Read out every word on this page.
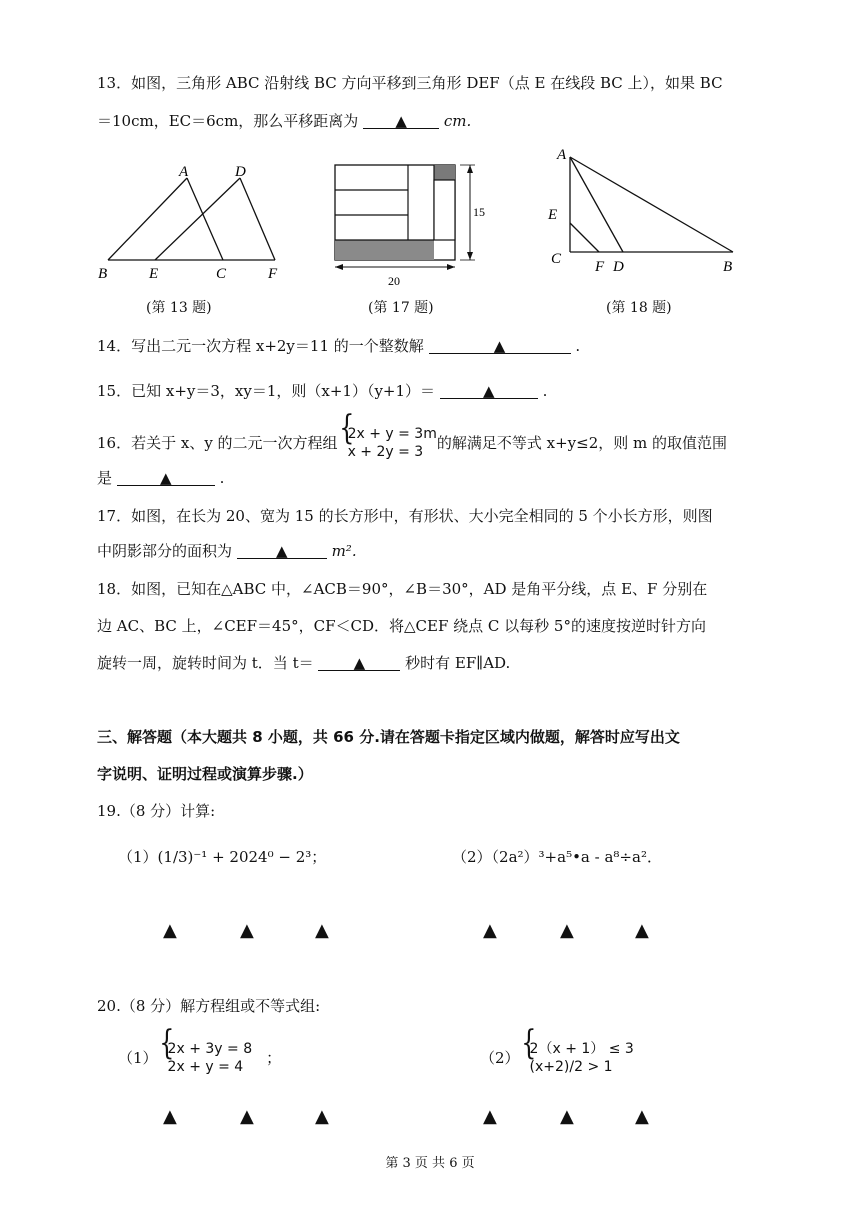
13．如图，三角形 ABC 沿射线 BC 方向平移到三角形 DEF（点 E 在线段 BC 上），如果 BC
＝10cm，EC＝6cm，那么平移距离为 ▲ cm.
A	D
B	E	C	F
15
20
A
E
C F D	B
(第 13 题)	(第 17 题)	(第 18 题)
14．写出二元一次方程 x+2y＝11 的一个整数解	▲	.
15．已知 x+y＝3，xy＝1，则（x+1）（y+1）＝	▲	.
16．若关于 x、y 的二元一次方程组 { 2x + y = 3m
x + 2y = 3 的解满足不等式 x+y≤2，则 m 的取值范围
是	▲	.
17．如图，在长为 20、宽为 15 的长方形中，有形状、大小完全相同的 5 个小长方形，则图
中阴影部分的面积为	▲	m².
18．如图，已知在△ABC 中，∠ACB＝90°，∠B＝30°，AD 是角平分线，点 E、F 分别在
边 AC、BC 上，∠CEF＝45°，CF＜CD．将△CEF 绕点 C 以每秒 5°的速度按逆时针方向
旋转一周，旋转时间为 t．当 t＝	▲	秒时有 EF∥AD.
三、解答题（本大题共 8 小题，共 66 分.请在答题卡指定区域内做题，解答时应写出文
字说明、证明过程或演算步骤.）
19.（8 分）计算:
（1）(1/3)⁻¹ + 2024⁰ − 2³；	（2）（2a²）³+a⁵•a - a⁸÷a²．
▲	▲	▲	▲	▲	▲
20.（8 分）解方程组或不等式组:
（1） { 2x + 3y = 8
2x + y = 4	；	（2） { 2（x + 1） ≤ 3
(x+2)/2 > 1
▲	▲	▲	▲	▲	▲
第 3 页 共 6 页
